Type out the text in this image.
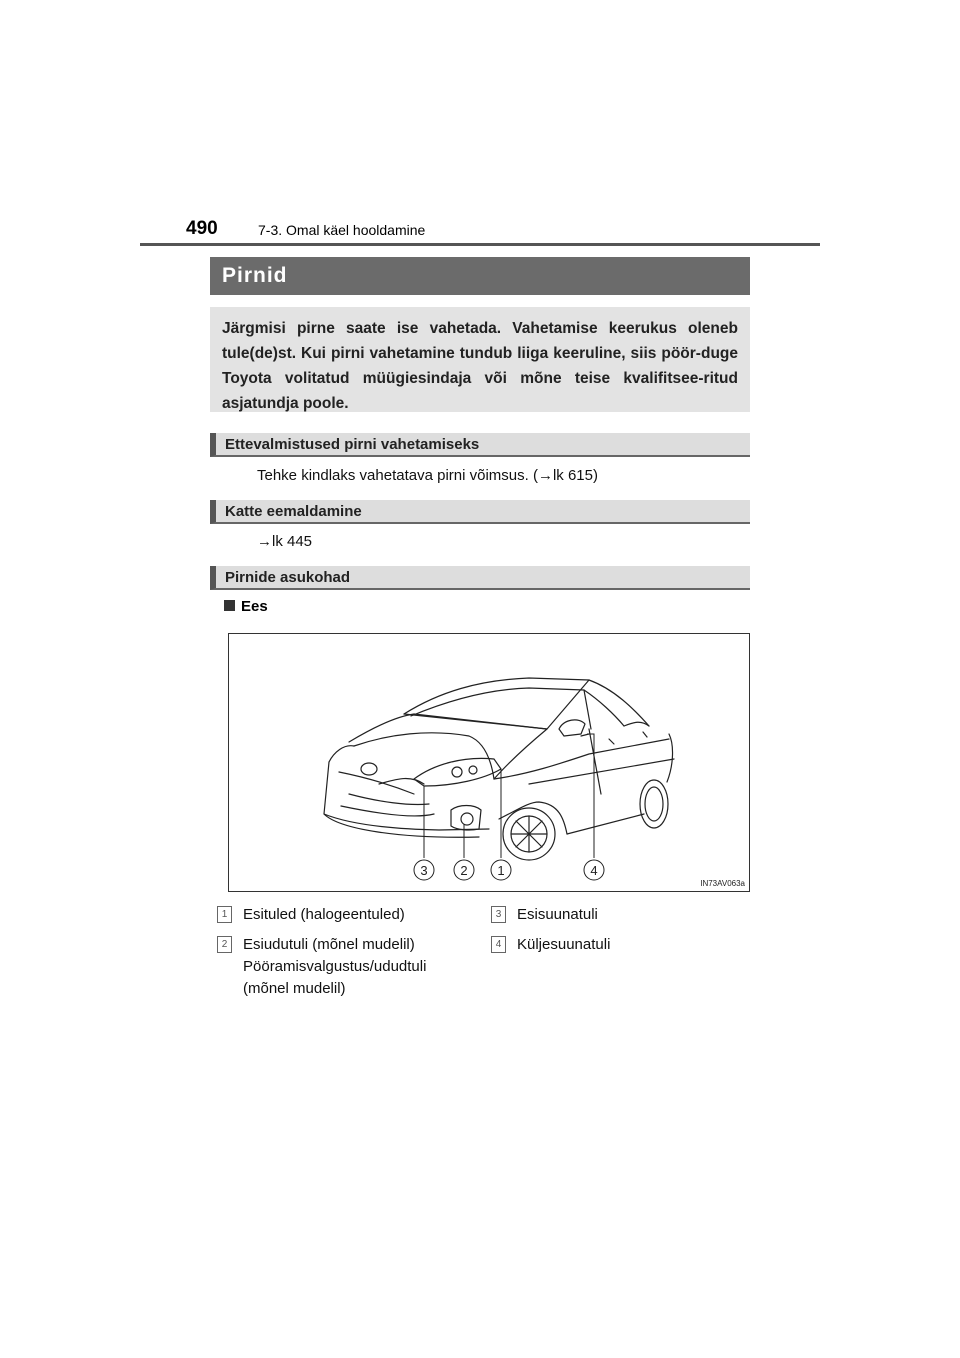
490	7-3. Omal käel hooldamine
Pirnid
Järgmisi pirne saate ise vahetada. Vahetamise keerukus oleneb tule(de)st. Kui pirni vahetamine tundub liiga keeruline, siis pöör-duge Toyota volitatud müügiesindaja või mõne teise kvalifitsee-ritud asjatundja poole.
Ettevalmistused pirni vahetamiseks
Tehke kindlaks vahetatava pirni võimsus. (→lk 615)
Katte eemaldamine
→lk 445
Pirnide asukohad
Ees
3	2 1	4
IN73AV063a
1	Esituled (halogeentuled)
2	Esiudutuli (mõnel mudelil) Pööramisvalgustus/ududtuli (mõnel mudelil)
3	Esisuunatuli
4	Küljesuunatuli
